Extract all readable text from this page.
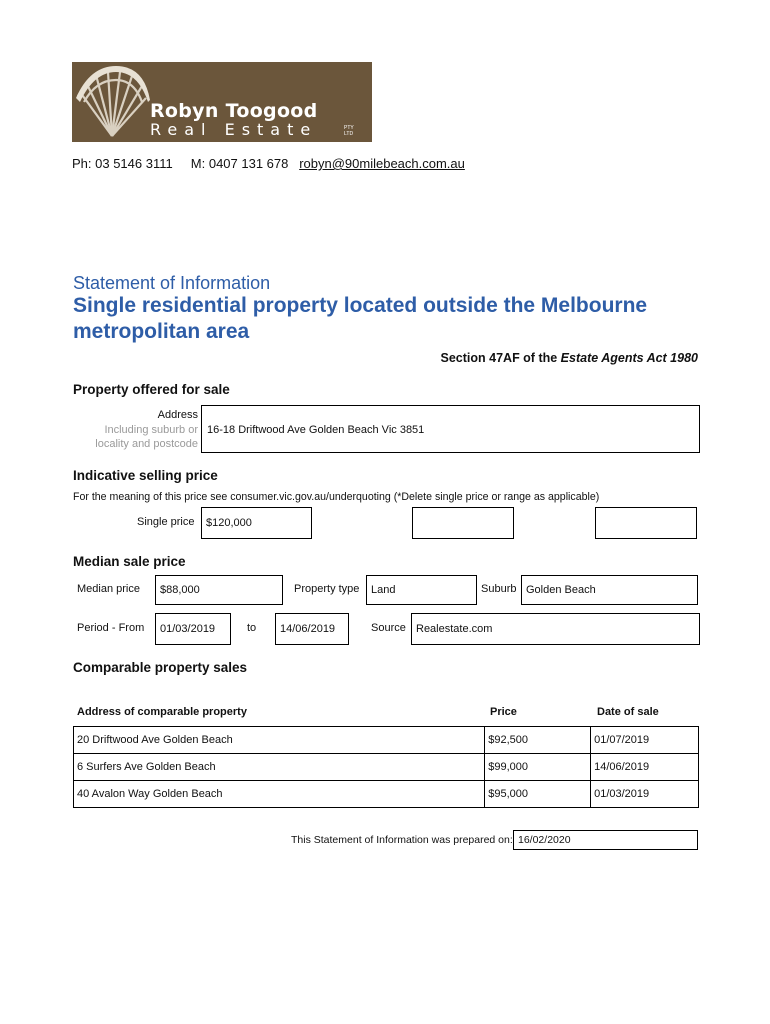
Robyn Toogood
Real Estate	PTY LTD
Ph: 03 5146 3111 M: 0407 131 678 robyn@90milebeach.com.au
Statement of Information
Single residential property located outside the Melbourne metropolitan area
Section 47AF of the Estate Agents Act 1980
Property offered for sale
Address
Including suburb or
locality and postcode
16-18 Driftwood Ave Golden Beach Vic 3851
Indicative selling price
For the meaning of this price see consumer.vic.gov.au/underquoting (*Delete single price or range as applicable)
Single price $120,000
Median sale price
Median price $88,000	Property type Land	Suburb Golden Beach
Period - From 01/03/2019	to 14/06/2019	Source Realestate.com
Comparable property sales
Address of comparable property	Price	Date of sale
20 Driftwood Ave Golden Beach	$92,500	01/07/2019
6 Surfers Ave Golden Beach	$99,000	14/06/2019
40 Avalon Way Golden Beach	$95,000	01/03/2019
This Statement of Information was prepared on: 16/02/2020
